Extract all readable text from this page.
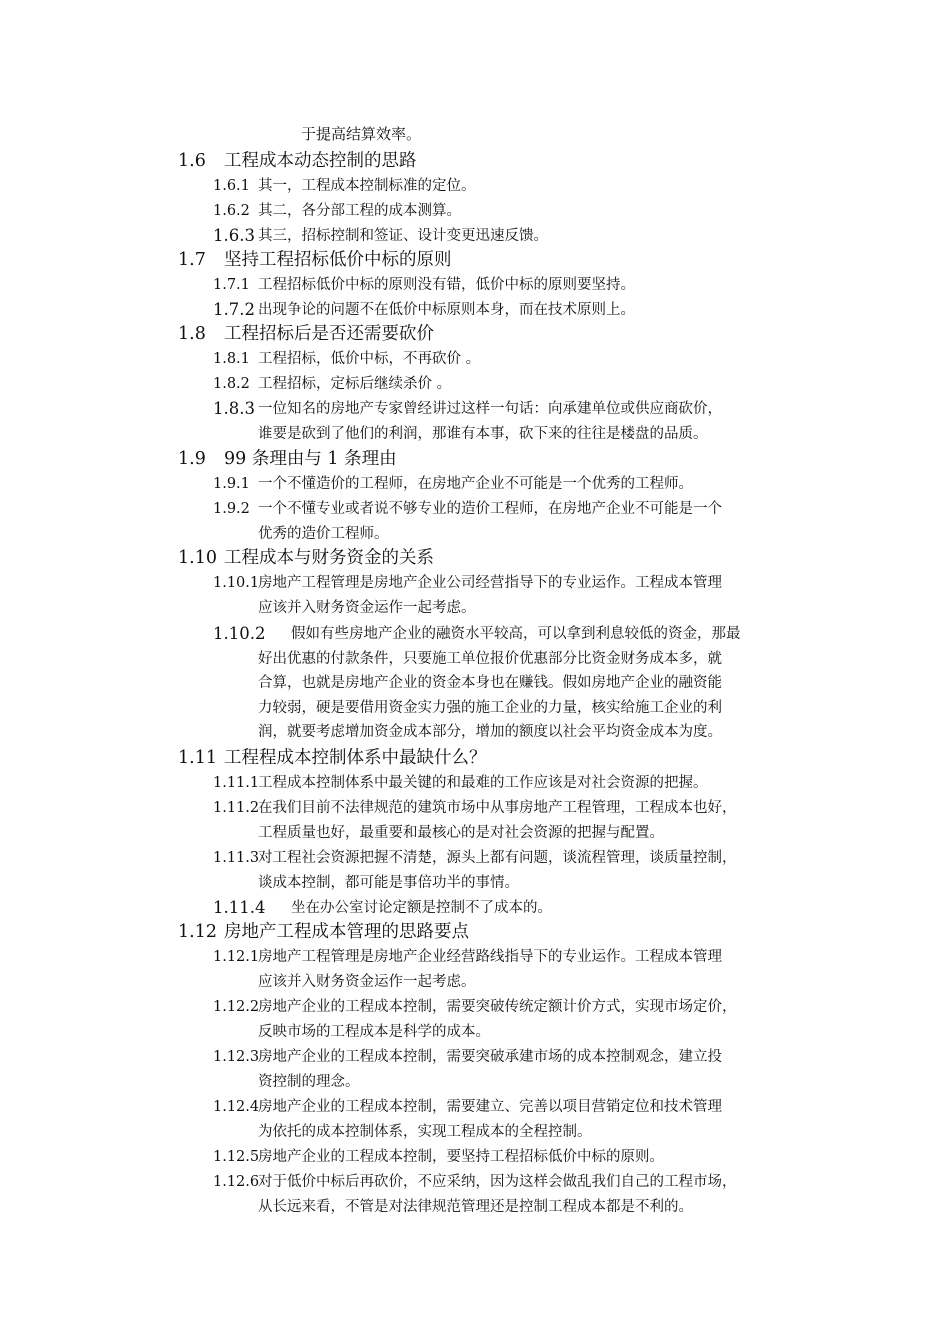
于提高结算效率。
1.6 工程成本动态控制的思路
1.6.1 其一，工程成本控制标准的定位。
1.6.2 其二，各分部工程的成本测算。
1.6.3 其三，招标控制和签证、设计变更迅速反馈。
1.7 坚持工程招标低价中标的原则
1.7.1 工程招标低价中标的原则没有错，低价中标的原则要坚持。
1.7.2 出现争论的问题不在低价中标原则本身，而在技术原则上。
1.8 工程招标后是否还需要砍价
1.8.1 工程招标，低价中标，不再砍价 。
1.8.2 工程招标，定标后继续杀价 。
1.8.3 一位知名的房地产专家曾经讲过这样一句话：向承建单位或供应商砍价，
谁要是砍到了他们的利润，那谁有本事，砍下来的往往是楼盘的品质。
1.9 99 条理由与 1 条理由
1.9.1 一个不懂造价的工程师，在房地产企业不可能是一个优秀的工程师。
1.9.2 一个不懂专业或者说不够专业的造价工程师，在房地产企业不可能是一个
优秀的造价工程师。
1.10 工程成本与财务资金的关系
1.10.1
房地产工程管理是房地产企业公司经营指导下的专业运作。工程成本管理
应该并入财务资金运作一起考虑。
1.10.2	假如有些房地产企业的融资水平较高，可以拿到利息较低的资金，那最
好出优惠的付款条件，只要施工单位报价优惠部分比资金财务成本多，就
合算，也就是房地产企业的资金本身也在赚钱。假如房地产企业的融资能
力较弱，硬是要借用资金实力强的施工企业的力量，核实给施工企业的利
润，就要考虑增加资金成本部分，增加的额度以社会平均资金成本为度。
1.11 工程程成本控制体系中最缺什么？
1.11.1
工程成本控制体系中最关键的和最难的工作应该是对社会资源的把握。
1.11.2
在我们目前不法律规范的建筑市场中从事房地产工程管理，工程成本也好，
工程质量也好，最重要和最核心的是对社会资源的把握与配置。
1.11.3
对工程社会资源把握不清楚，源头上都有问题，谈流程管理，谈质量控制，
谈成本控制，都可能是事倍功半的事情。
1.11.4 坐在办公室讨论定额是控制不了成本的。
1.12 房地产工程成本管理的思路要点
1.12.1
房地产工程管理是房地产企业经营路线指导下的专业运作。工程成本管理
应该并入财务资金运作一起考虑。
1.12.2
房地产企业的工程成本控制，需要突破传统定额计价方式，实现市场定价，
反映市场的工程成本是科学的成本。
1.12.3
房地产企业的工程成本控制，需要突破承建市场的成本控制观念，建立投
资控制的理念。
1.12.4
房地产企业的工程成本控制，需要建立、完善以项目营销定位和技术管理
为依托的成本控制体系，实现工程成本的全程控制。
1.12.5
房地产企业的工程成本控制，要坚持工程招标低价中标的原则。
1.12.6
对于低价中标后再砍价，不应采纳，因为这样会做乱我们自己的工程市场，
从长远来看，不管是对法律规范管理还是控制工程成本都是不利的。
